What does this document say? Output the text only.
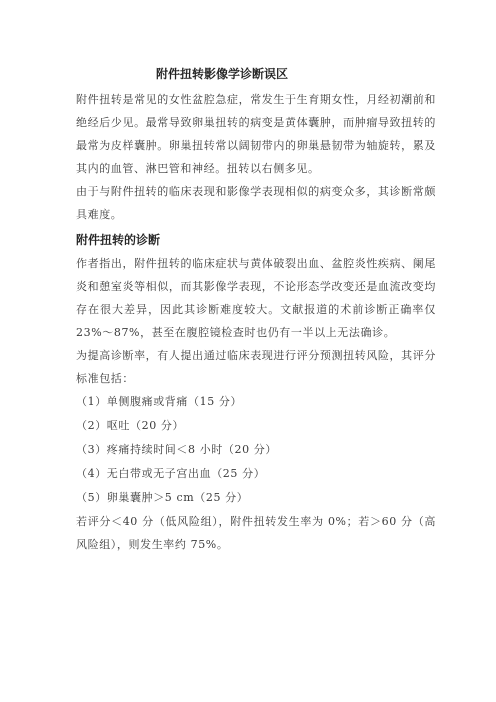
附件扭转影像学诊断误区

附件扭转是常见的女性盆腔急症，常发生于生育期女性，月经初潮前和绝经后少见。最常导致卵巢扭转的病变是黄体囊肿，而肿瘤导致扭转的最常为皮样囊肿。卵巢扭转常以阔韧带内的卵巢悬韧带为轴旋转，累及其内的血管、淋巴管和神经。扭转以右侧多见。

由于与附件扭转的临床表现和影像学表现相似的病变众多，其诊断常颇具难度。

附件扭转的诊断

作者指出，附件扭转的临床症状与黄体破裂出血、盆腔炎性疾病、阑尾炎和憩室炎等相似，而其影像学表现，不论形态学改变还是血流改变均存在很大差异，因此其诊断难度较大。文献报道的术前诊断正确率仅 23%～87%，甚至在腹腔镜检查时也仍有一半以上无法确诊。

为提高诊断率，有人提出通过临床表现进行评分预测扭转风险，其评分标准包括：

（1）单侧腹痛或背痛（15 分）
（2）呕吐（20 分）
（3）疼痛持续时间＜8 小时（20 分）
（4）无白带或无子宫出血（25 分）
（5）卵巢囊肿＞5 cm（25 分）

若评分＜40 分（低风险组），附件扭转发生率为 0%；若＞60 分（高风险组），则发生率约 75%。
